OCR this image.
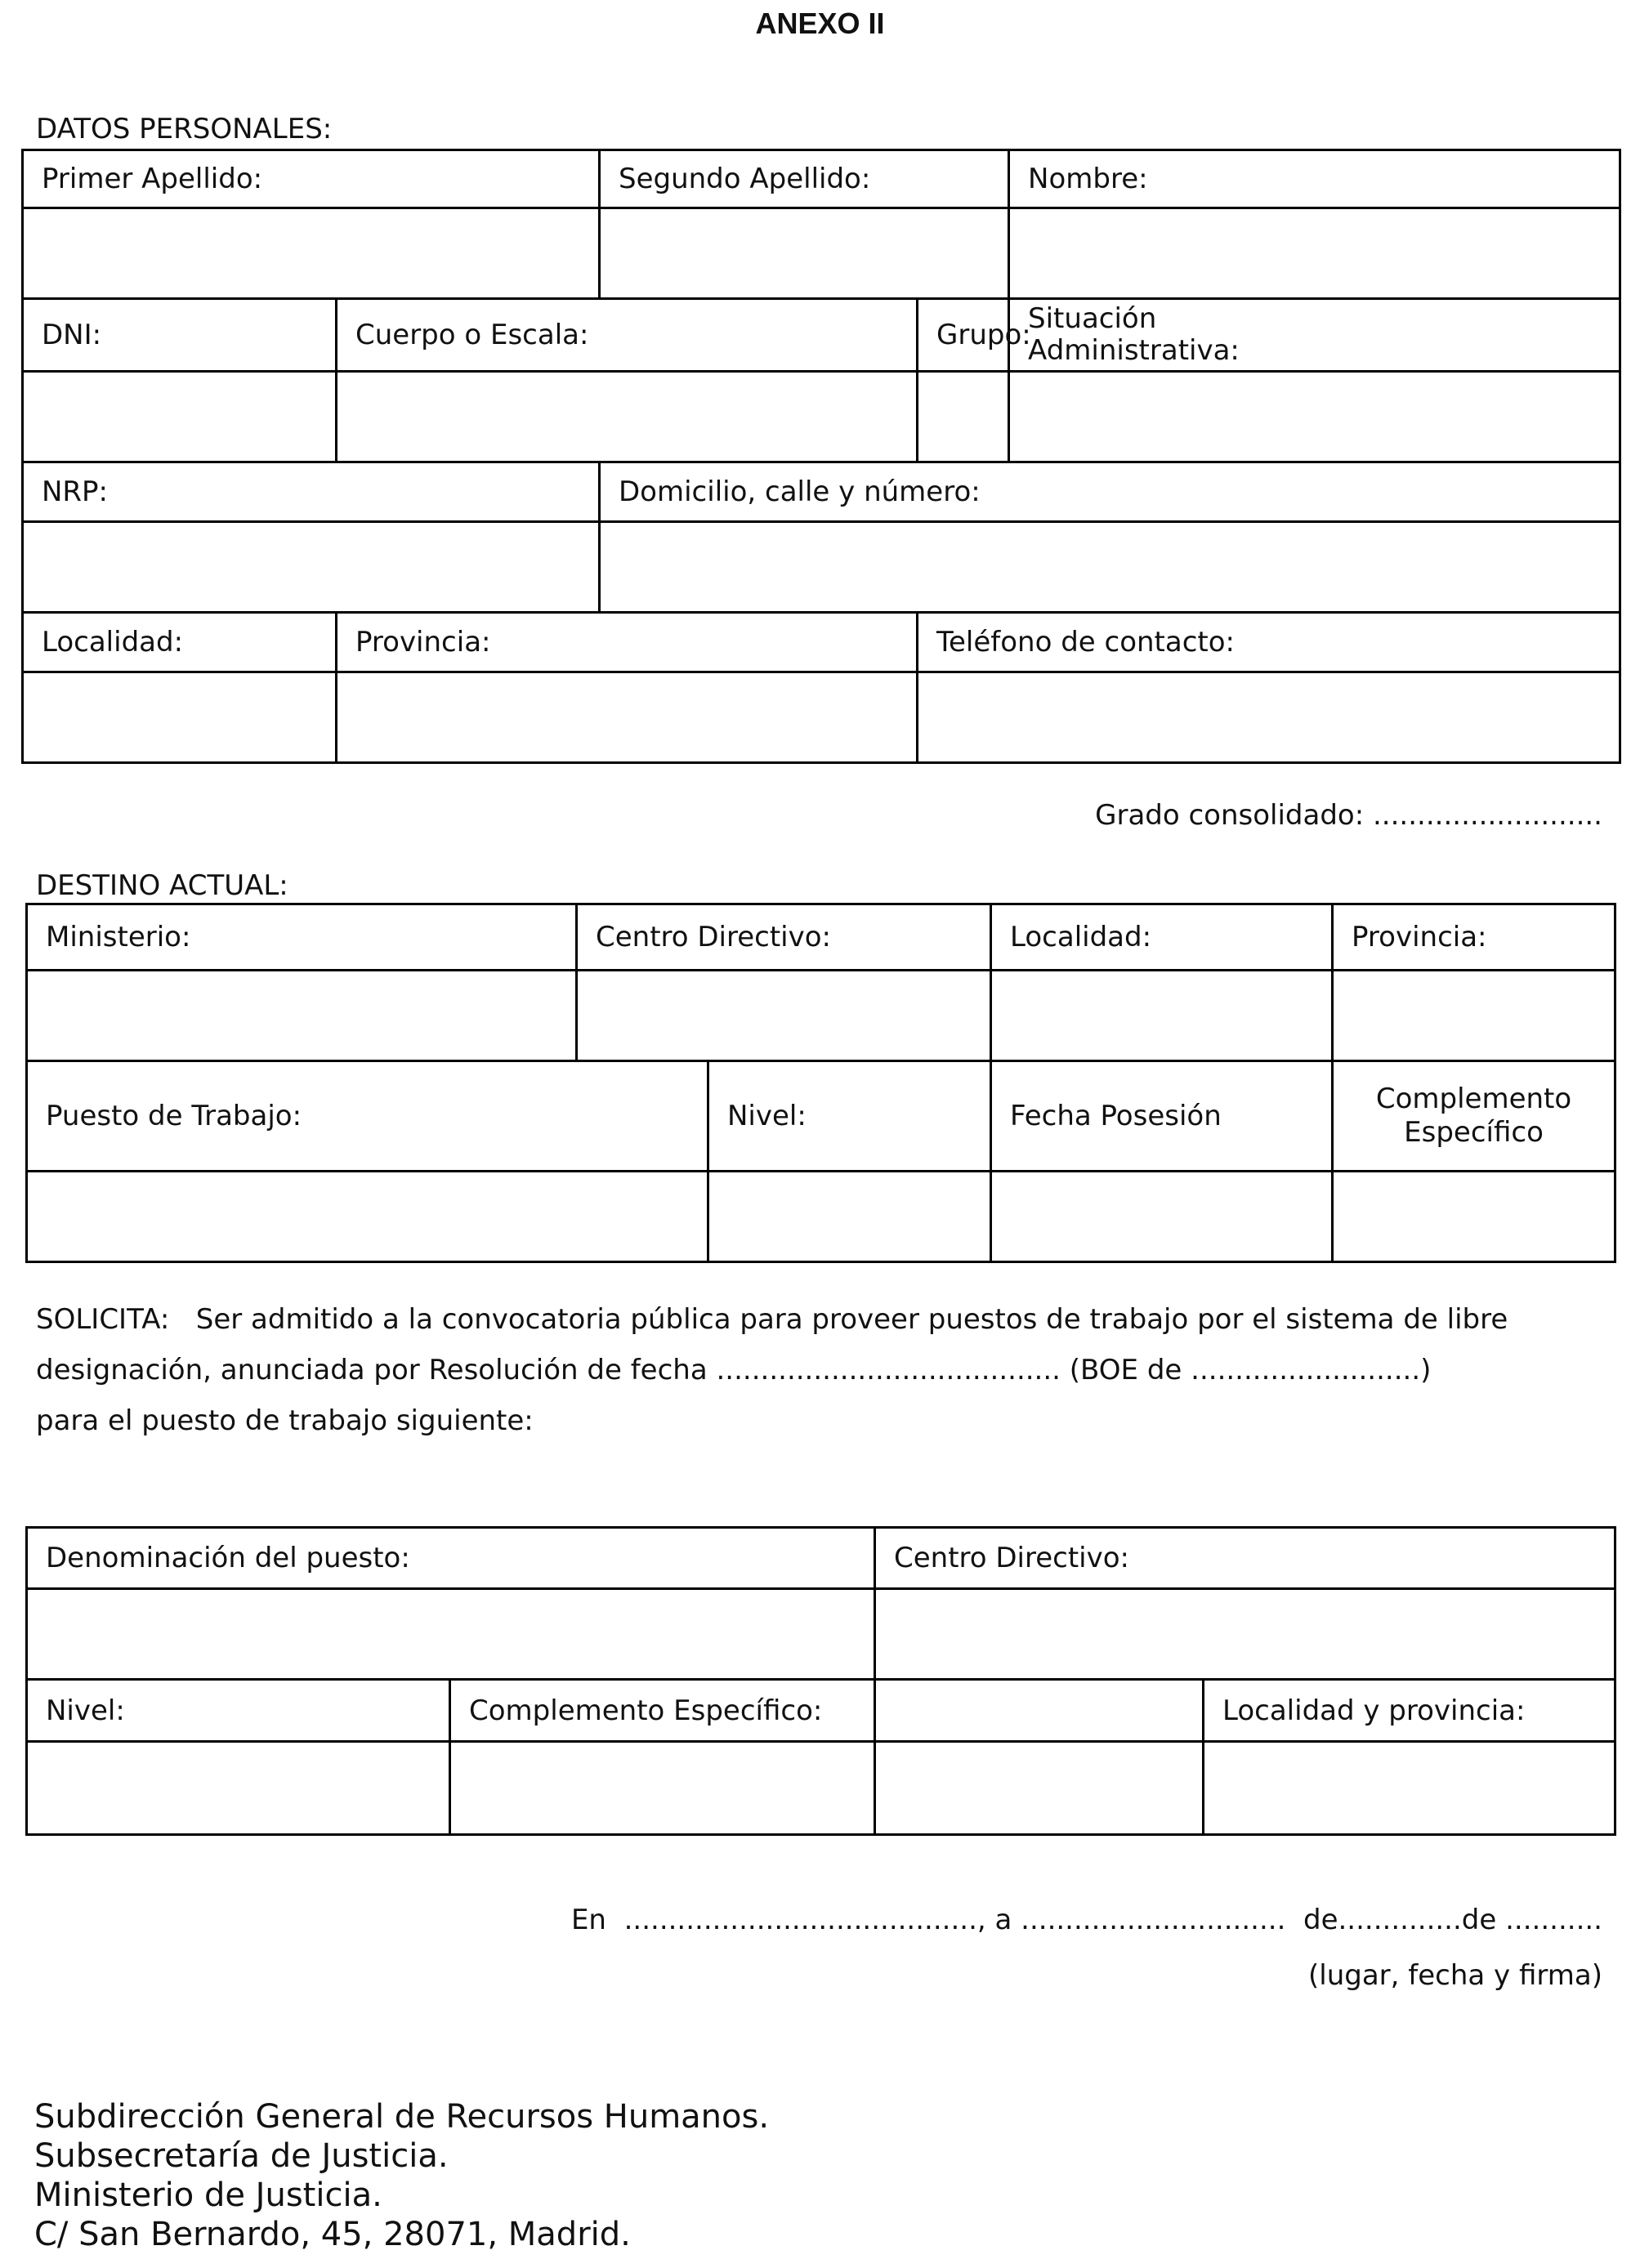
ANEXO II
DATOS PERSONALES:
Primer Apellido:		Segundo Apellido:		Nombre:

DNI:	Cuerpo o Escala:		Grupo:	Situación Administrativa:

NRP:		Domicilio, calle y número:		

Localidad:	Provincia:		Teléfono de contacto:	

Grado consolidado: ..........................
DESTINO ACTUAL:
Ministerio:	Centro Directivo:		Localidad:	Provincia:

Puesto de Trabajo:		Nivel:	Fecha Posesión	Complemento Específico

SOLICITA:   Ser admitido a la convocatoria pública para proveer puestos de trabajo por el sistema de libre
designación, anunciada por Resolución de fecha ....................................... (BOE de ..........................)
para el puesto de trabajo siguiente:
Denominación del puesto:		Centro Directivo:

Nivel:	Complemento Específico:	Localidad y provincia:

En  ........................................, a ..............................  de..............de ...........
(lugar, fecha y firma)
Subdirección General de Recursos Humanos.
Subsecretaría de Justicia.
Ministerio de Justicia.
C/ San Bernardo, 45, 28071, Madrid.
